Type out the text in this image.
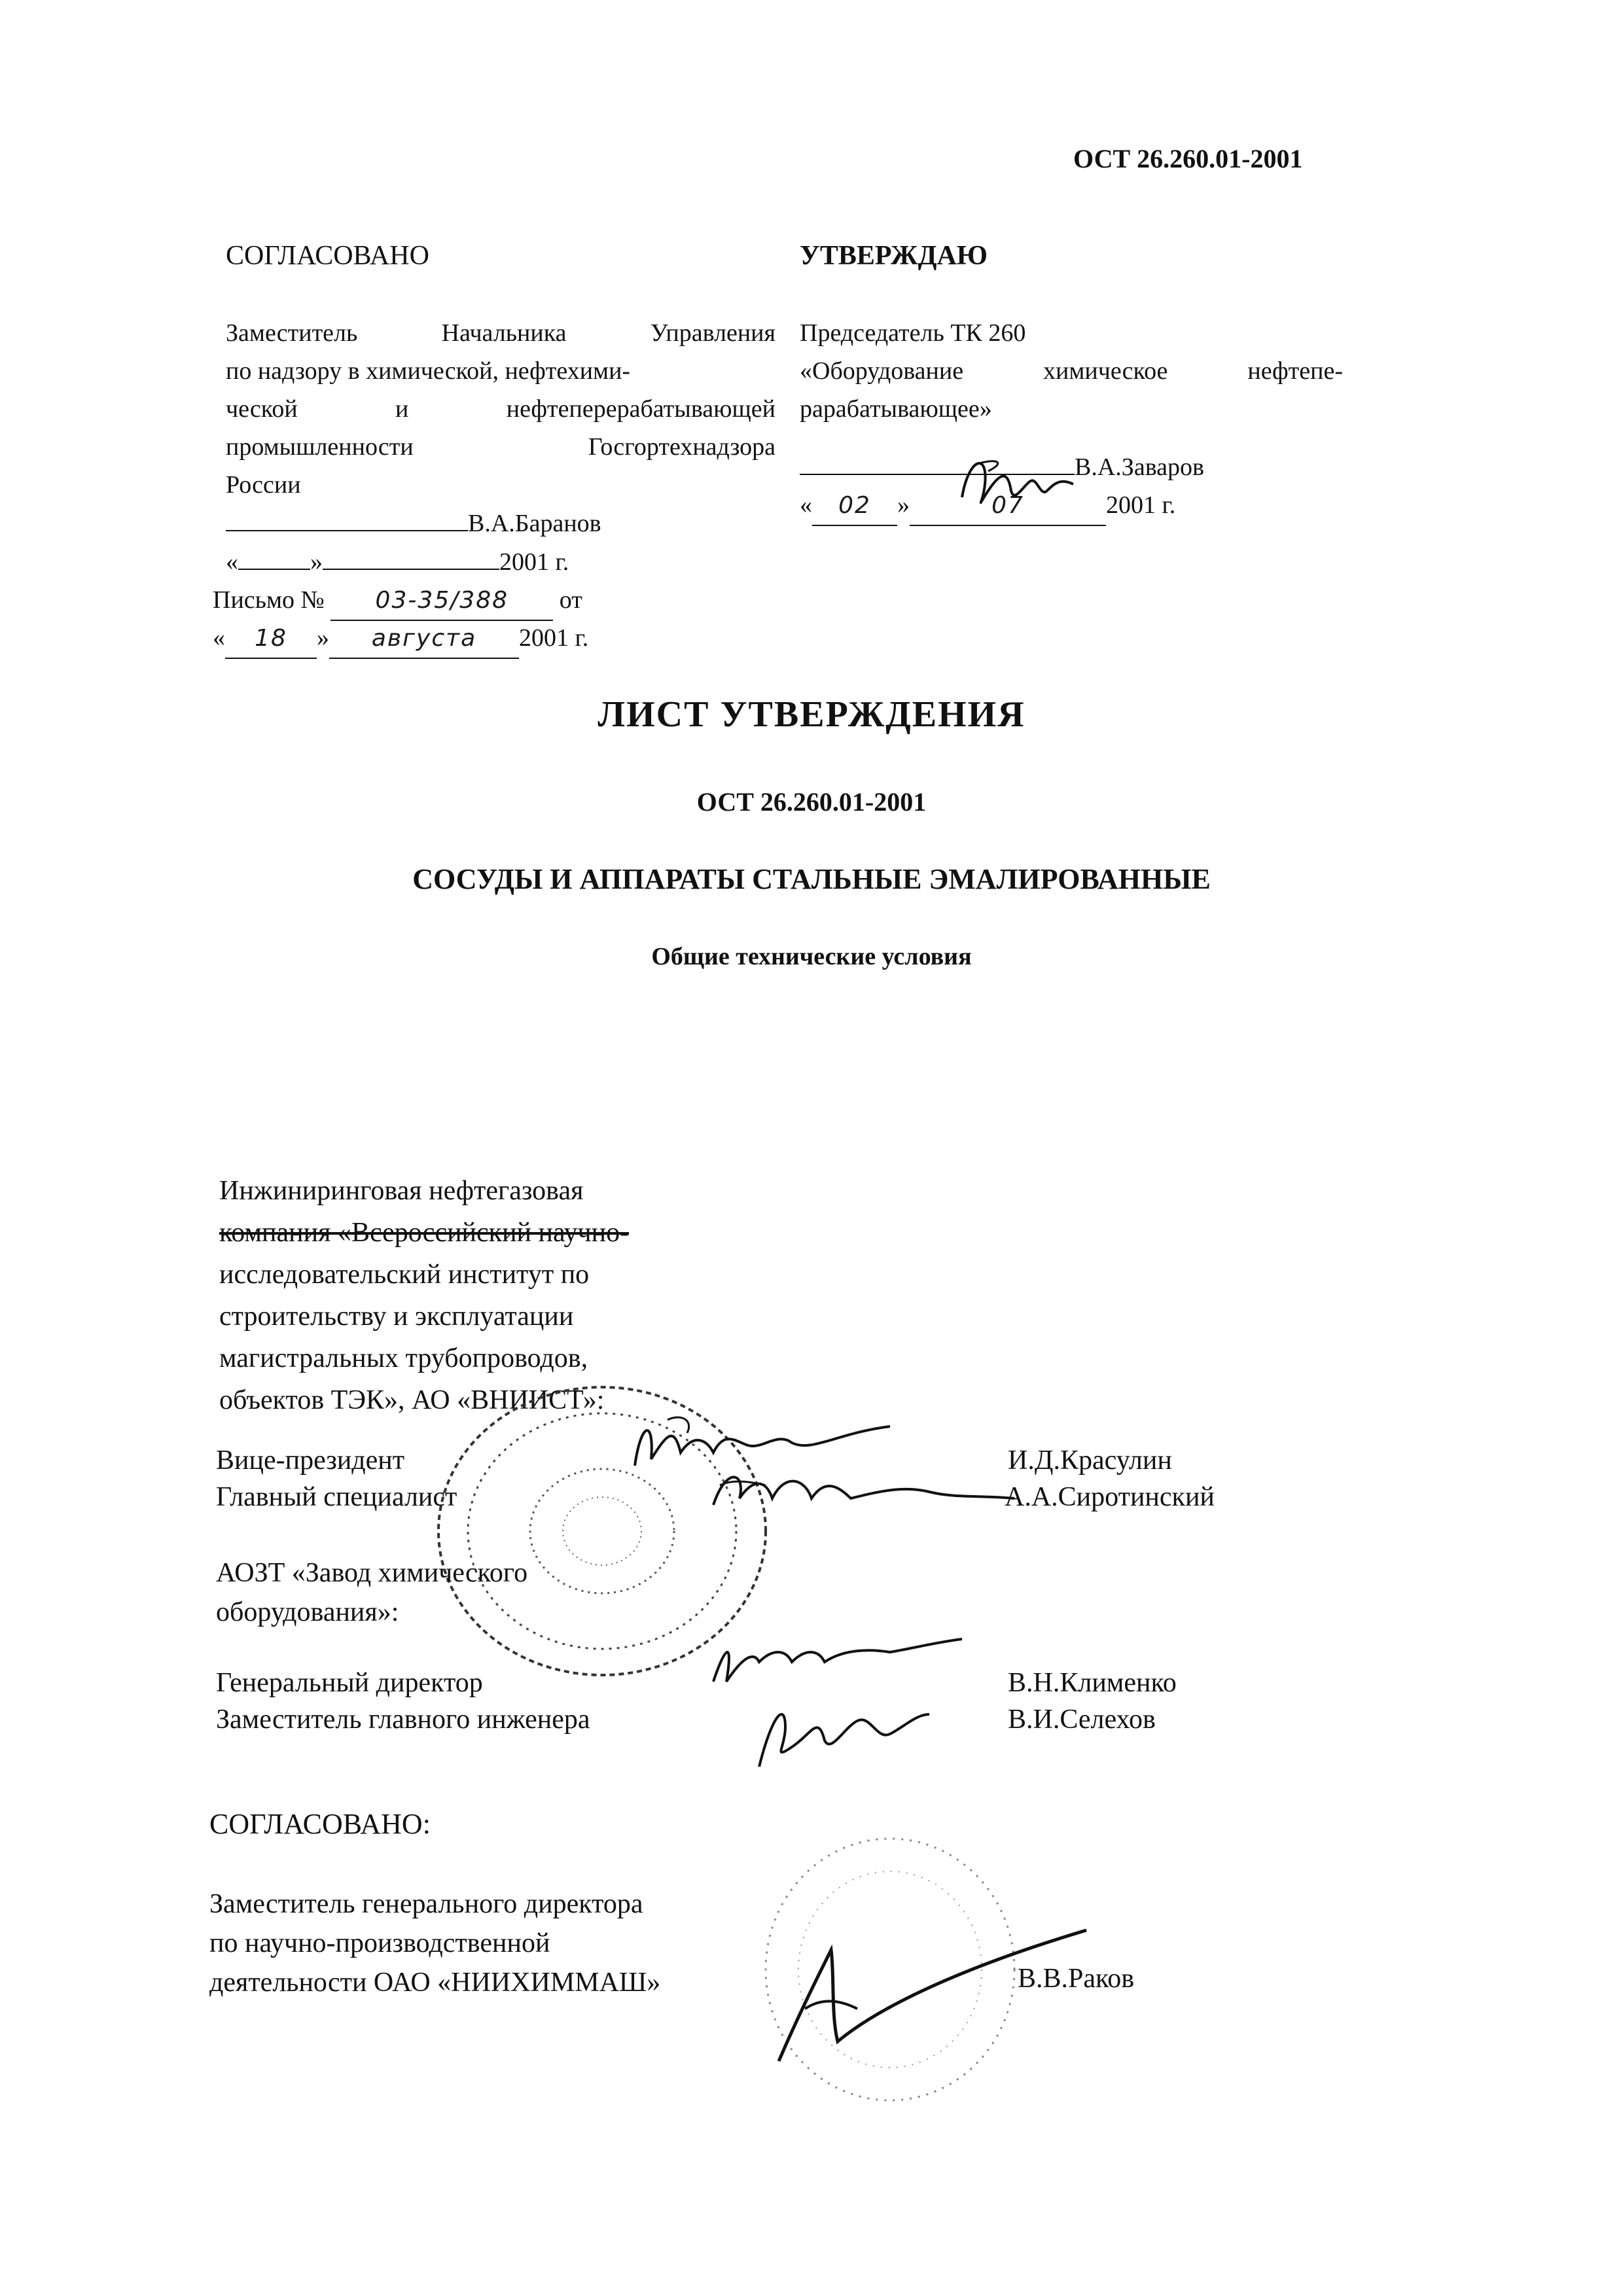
ОСТ 26.260.01-2001
СОГЛАСОВАНО
Заместитель	Начальника	Управления
по надзору в химической, нефтехими-
ческой	и	нефтеперерабатывающей
промышленности	Госгортехнадзора
России
В.А.Баранов
«	»	2001 г.
Письмо № 03-35/388 от
« 18 » августа 2001 г.
УТВЕРЖДАЮ
Председатель ТК 260
«Оборудование	химическое	нефтепе-
рарабатывающее»
В.А.Заваров
« 02 »	07	2001 г.
ЛИСТ УТВЕРЖДЕНИЯ
ОСТ 26.260.01-2001
СОСУДЫ И АППАРАТЫ СТАЛЬНЫЕ ЭМАЛИРОВАННЫЕ
Общие технические условия
Инжиниринговая нефтегазовая
компания «Всероссийский научно-
исследовательский институт по
строительству и эксплуатации
магистральных трубопроводов,
объектов ТЭК», АО «ВНИИСТ»:
Вице-президент
Главный специалист
И.Д.Красулин
А.А.Сиротинский
АОЗТ «Завод химического
оборудования»:
Генеральный директор
Заместитель главного инженера
В.Н.Клименко
В.И.Селехов
СОГЛАСОВАНО:
Заместитель генерального директора
по научно-производственной
деятельности ОАО «НИИХИММАШ»	В.В.Раков
